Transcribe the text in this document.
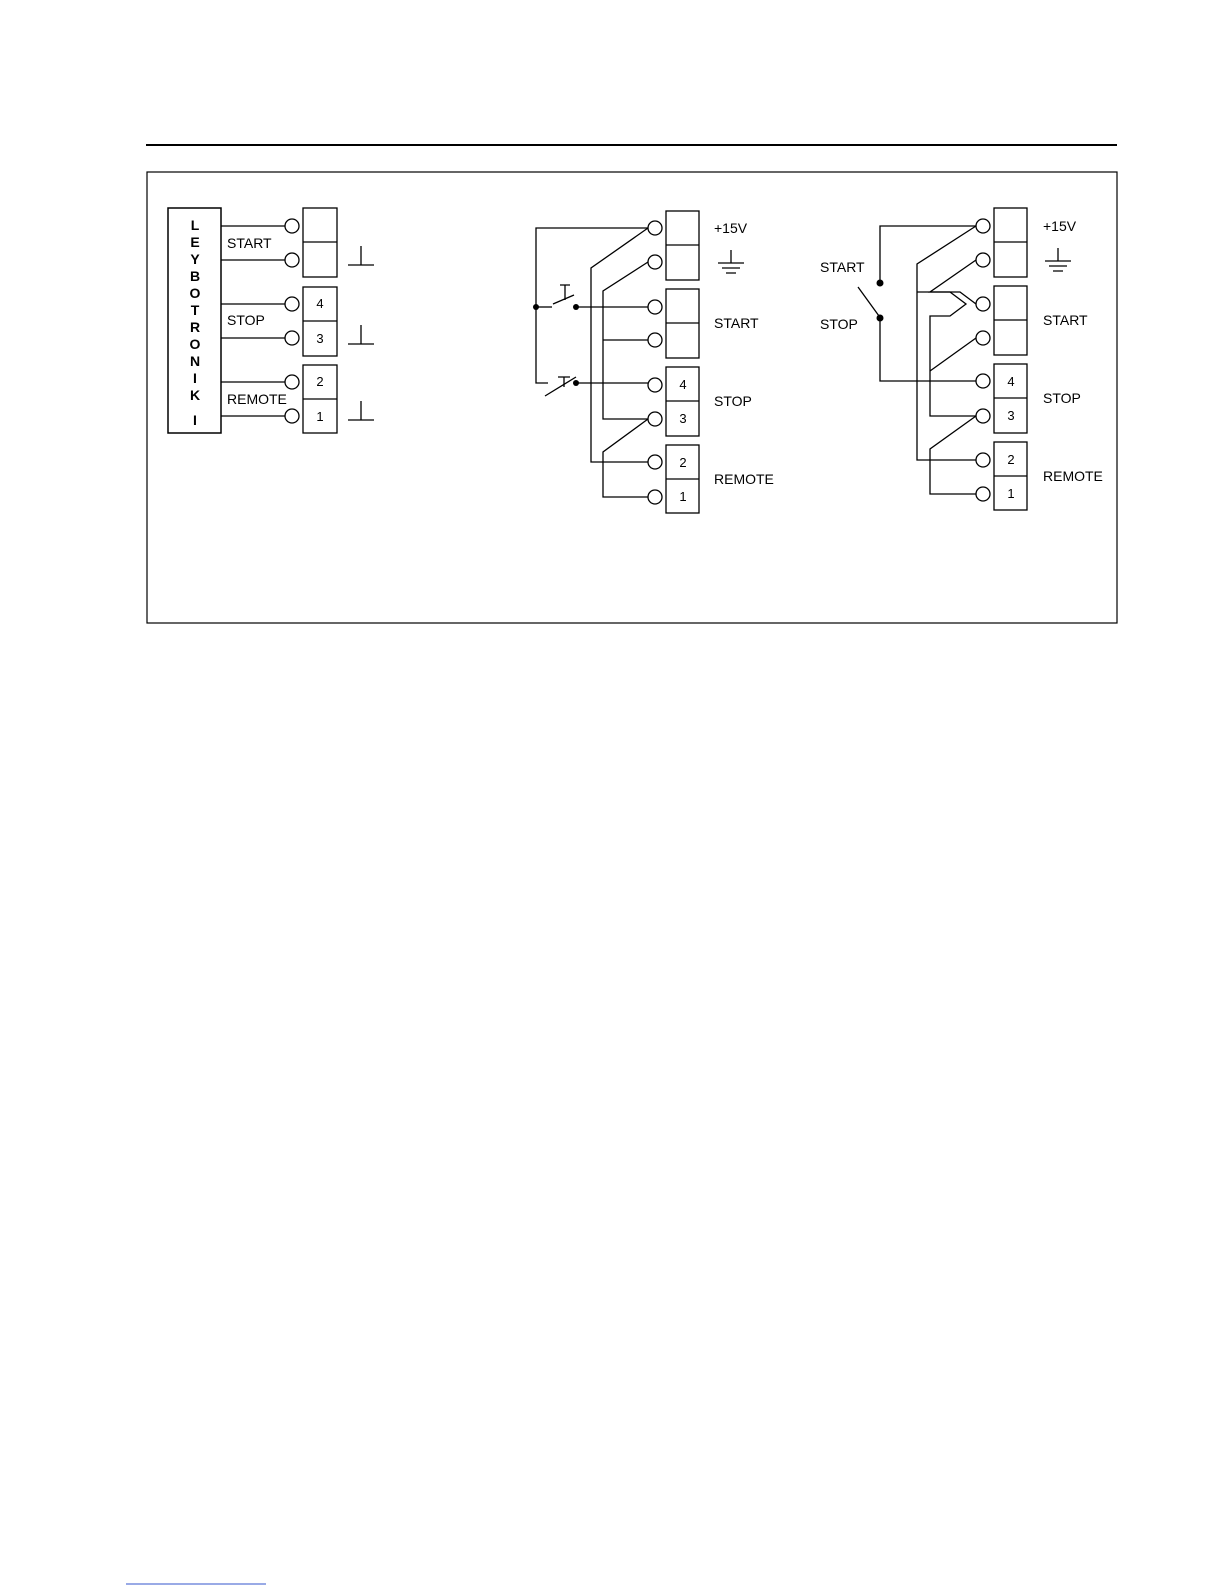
L
E
Y
B
O
T
R
O
N
I
K
I
4
3
2
1
START
STOP
REMOTE
4
3
2
1
+15V
START
STOP
REMOTE
4
3
2
1
+15V
START
STOP	START
STOP
REMOTE
